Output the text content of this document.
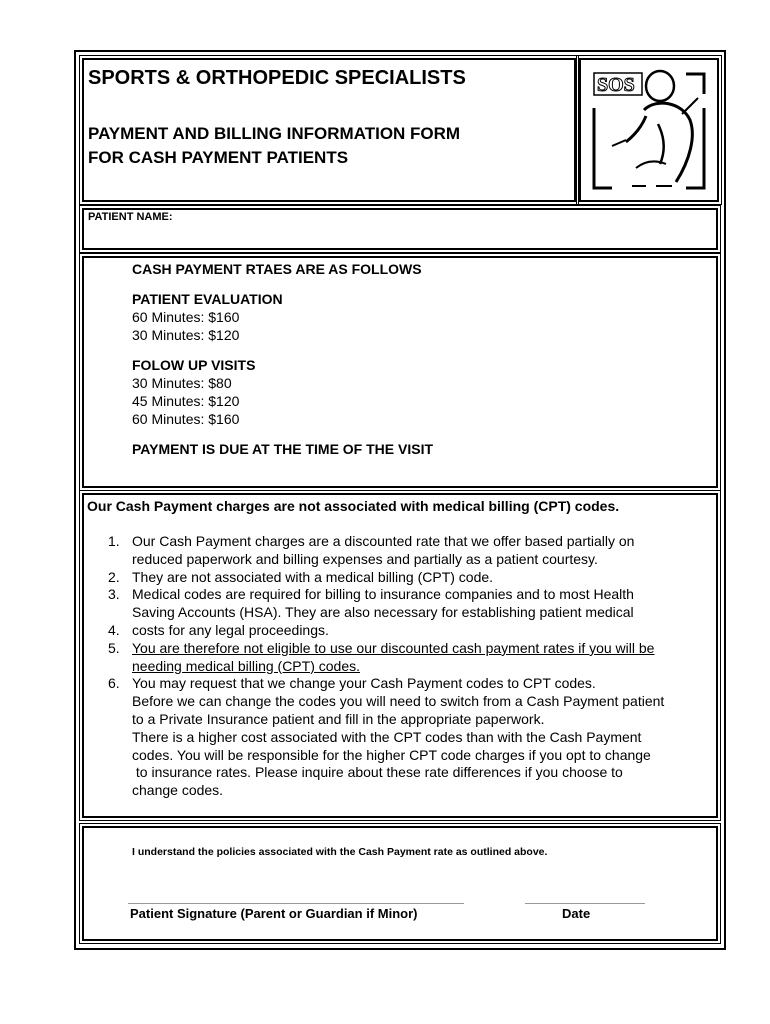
SPORTS & ORTHOPEDIC SPECIALISTS
PAYMENT AND BILLING INFORMATION FORM
FOR CASH PAYMENT PATIENTS
SOS
PATIENT NAME:
CASH PAYMENT RTAES ARE AS FOLLOWS
PATIENT EVALUATION
60 Minutes: $160
30 Minutes: $120
FOLOW UP VISITS
30 Minutes: $80
45 Minutes: $120
60 Minutes: $160
PAYMENT IS DUE AT THE TIME OF THE VISIT
Our Cash Payment charges are not associated with medical billing (CPT) codes.
1. Our Cash Payment charges are a discounted rate that we offer based partially on
reduced paperwork and billing expenses and partially as a patient courtesy.
2. They are not associated with a medical billing (CPT) code.
3. Medical codes are required for billing to insurance companies and to most Health
Saving Accounts (HSA). They are also necessary for establishing patient medical
4. costs for any legal proceedings.
5. You are therefore not eligible to use our discounted cash payment rates if you will be
needing medical billing (CPT) codes.
6. You may request that we change your Cash Payment codes to CPT codes.
Before we can change the codes you will need to switch from a Cash Payment patient
to a Private Insurance patient and fill in the appropriate paperwork.
There is a higher cost associated with the CPT codes than with the Cash Payment
codes. You will be responsible for the higher CPT code charges if you opt to change
to insurance rates. Please inquire about these rate differences if you choose to
change codes.
I understand the policies associated with the Cash Payment rate as outlined above.
Patient Signature (Parent or Guardian if Minor)	Date
